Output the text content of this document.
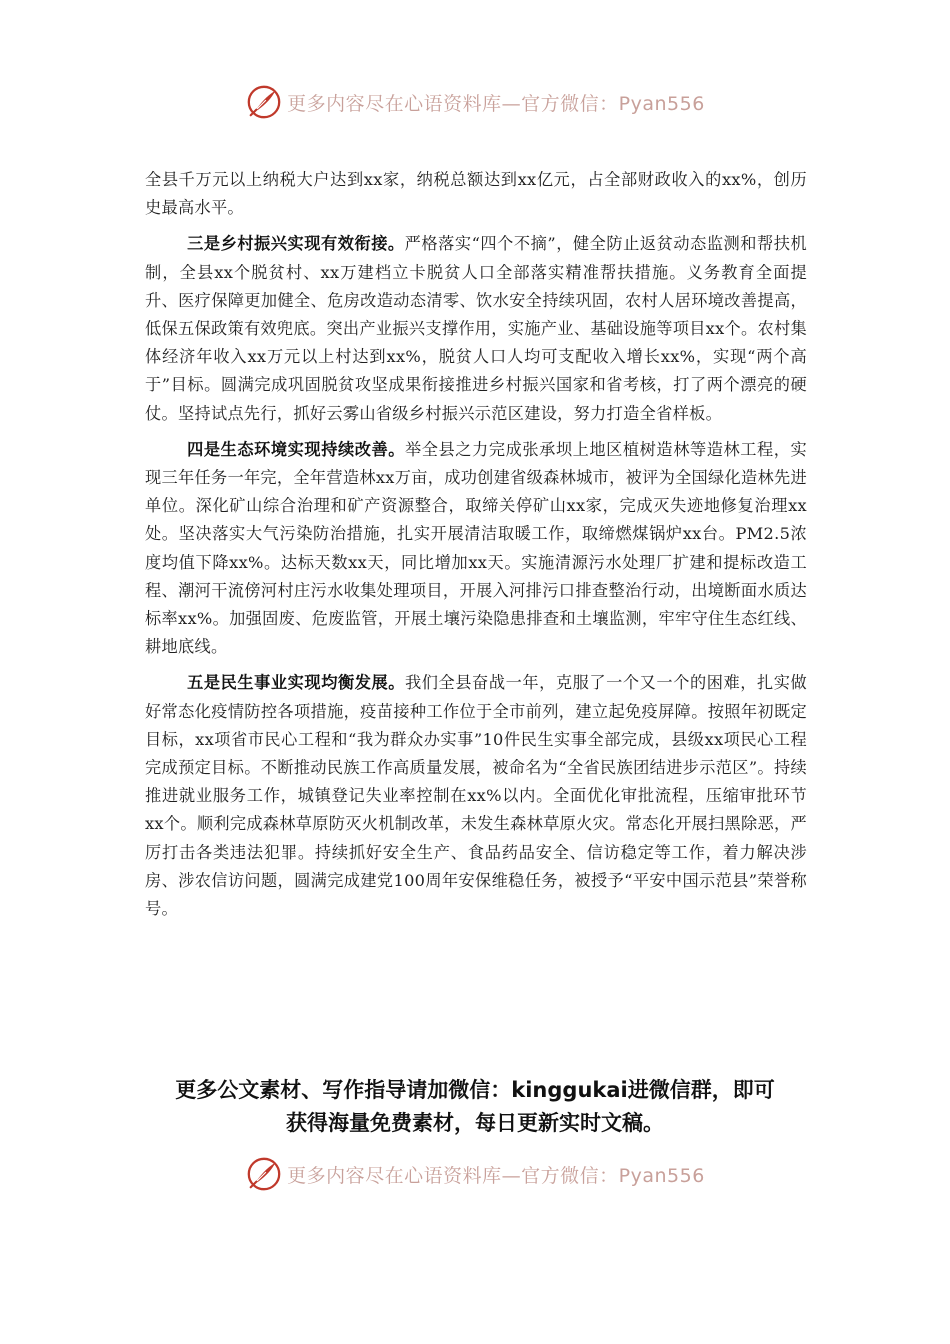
更多内容尽在心语资料库—官方微信：Pyan556

全县千万元以上纳税大户达到xx家，纳税总额达到xx亿元，占全部财政收入的xx%，创历史最高水平。

三是乡村振兴实现有效衔接。严格落实“四个不摘”，健全防止返贫动态监测和帮扶机制，全县xx个脱贫村、xx万建档立卡脱贫人口全部落实精准帮扶措施。义务教育全面提升、医疗保障更加健全、危房改造动态清零、饮水安全持续巩固，农村人居环境改善提高，低保五保政策有效兜底。突出产业振兴支撑作用，实施产业、基础设施等项目xx个。农村集体经济年收入xx万元以上村达到xx%，脱贫人口人均可支配收入增长xx%，实现“两个高于”目标。圆满完成巩固脱贫攻坚成果衔接推进乡村振兴国家和省考核，打了两个漂亮的硬仗。坚持试点先行，抓好云雾山省级乡村振兴示范区建设，努力打造全省样板。

四是生态环境实现持续改善。举全县之力完成张承坝上地区植树造林等造林工程，实现三年任务一年完，全年营造林xx万亩，成功创建省级森林城市，被评为全国绿化造林先进单位。深化矿山综合治理和矿产资源整合，取缔关停矿山xx家，完成灭失迹地修复治理xx处。坚决落实大气污染防治措施，扎实开展清洁取暖工作，取缔燃煤锅炉xx台。PM2.5浓度均值下降xx%。达标天数xx天，同比增加xx天。实施清源污水处理厂扩建和提标改造工程、潮河干流傍河村庄污水收集处理项目，开展入河排污口排查整治行动，出境断面水质达标率xx%。加强固废、危废监管，开展土壤污染隐患排查和土壤监测，牢牢守住生态红线、耕地底线。

五是民生事业实现均衡发展。我们全县奋战一年，克服了一个又一个的困难，扎实做好常态化疫情防控各项措施，疫苗接种工作位于全市前列，建立起免疫屏障。按照年初既定目标，xx项省市民心工程和“我为群众办实事”10件民生实事全部完成，县级xx项民心工程完成预定目标。不断推动民族工作高质量发展，被命名为“全省民族团结进步示范区”。持续推进就业服务工作，城镇登记失业率控制在xx%以内。全面优化审批流程，压缩审批环节xx个。顺利完成森林草原防灭火机制改革，未发生森林草原火灾。常态化开展扫黑除恶，严厉打击各类违法犯罪。持续抓好安全生产、食品药品安全、信访稳定等工作，着力解决涉房、涉农信访问题，圆满完成建党100周年安保维稳任务，被授予“平安中国示范县”荣誉称号。

更多公文素材、写作指导请加微信：kinggukai进微信群，即可
获得海量免费素材，每日更新实时文稿。
更多内容尽在心语资料库—官方微信：Pyan556
